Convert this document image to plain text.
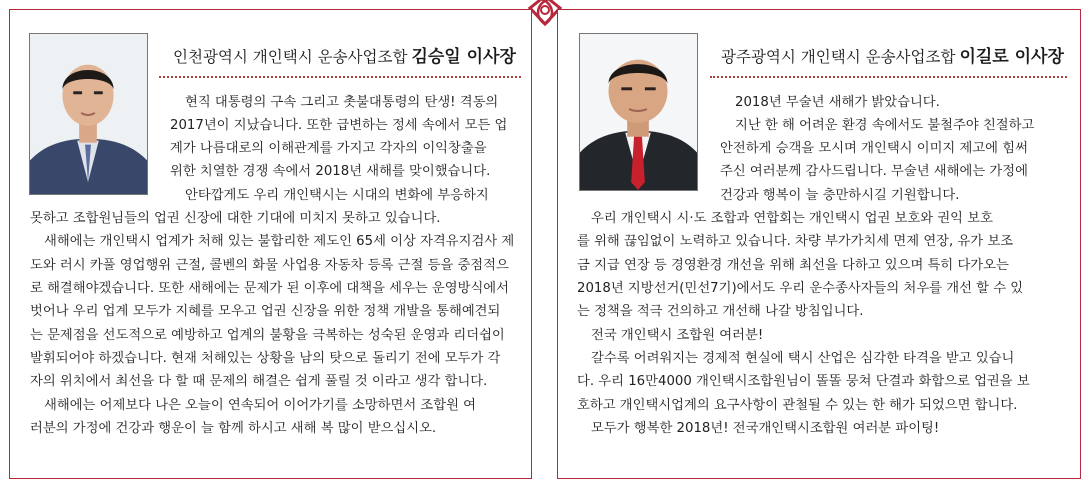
인천광역시 개인택시 운송사업조합 김승일 이사장
현직 대통령의 구속 그리고 촛불대통령의 탄생! 격동의
2017년이 지났습니다. 또한 급변하는 정세 속에서 모든 업
계가 나름대로의 이해관계를 가지고 각자의 이익창출을
위한 치열한 경쟁 속에서 2018년 새해를 맞이했습니다.
안타깝게도 우리 개인택시는 시대의 변화에 부응하지
못하고 조합원님들의 업권 신장에 대한 기대에 미치지 못하고 있습니다.
새해에는 개인택시 업계가 처해 있는 불합리한 제도인 65세 이상 자격유지검사 제
도와 러시 카풀 영업행위 근절, 콜벤의 화물 사업용 자동차 등록 근절 등을 중점적으
로 해결해야겠습니다. 또한 새해에는 문제가 된 이후에 대책을 세우는 운영방식에서
벗어나 우리 업계 모두가 지혜를 모우고 업권 신장을 위한 정책 개발을 통해예견되
는 문제점을 선도적으로 예방하고 업계의 불황을 극복하는 성숙된 운영과 리더쉽이
발휘되어야 하겠습니다. 현재 처해있는 상황을 남의 탓으로 돌리기 전에 모두가 각
자의 위치에서 최선을 다 할 때 문제의 해결은 쉽게 풀릴 것 이라고 생각 합니다.
새해에는 어제보다 나은 오늘이 연속되어 이어가기를 소망하면서 조합원 여
러분의 가정에 건강과 행운이 늘 함께 하시고 새해 복 많이 받으십시오.
광주광역시 개인택시 운송사업조합 이길로 이사장
2018년 무술년 새해가 밝았습니다.
지난 한 해 어려운 환경 속에서도 불철주야 친절하고
안전하게 승객을 모시며 개인택시 이미지 제고에 힘써
주신 여러분께 감사드립니다. 무술년 새해에는 가정에
건강과 행복이 늘 충만하시길 기원합니다.
우리 개인택시 시·도 조합과 연합회는 개인택시 업권 보호와 권익 보호
를 위해 끊임없이 노력하고 있습니다. 차량 부가가치세 면제 연장, 유가 보조
금 지급 연장 등 경영환경 개선을 위해 최선을 다하고 있으며 특히 다가오는
2018년 지방선거(민선7기)에서도 우리 운수종사자들의 처우를 개선 할 수 있
는 정책을 적극 건의하고 개선해 나갈 방침입니다.
전국 개인택시 조합원 여러분!
갈수록 어려워지는 경제적 현실에 택시 산업은 심각한 타격을 받고 있습니
다. 우리 16만4000 개인택시조합원님이 똘똘 뭉쳐 단결과 화합으로 업권을 보
호하고 개인택시업계의 요구사항이 관철될 수 있는 한 해가 되었으면 합니다.
모두가 행복한 2018년! 전국개인택시조합원 여러분 파이팅!
